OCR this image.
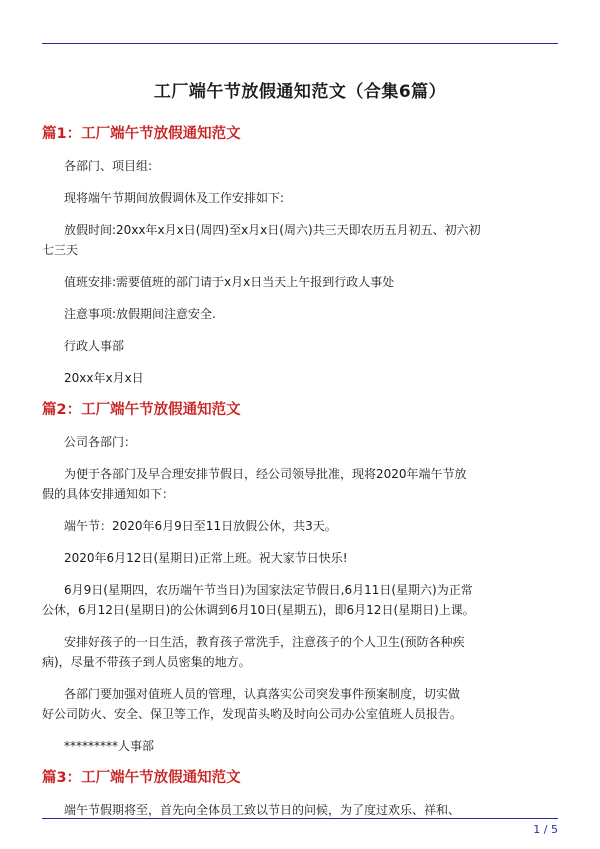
工厂端午节放假通知范文（合集6篇）
篇1：工厂端午节放假通知范文
各部门、项目组:
现将端午节期间放假调休及工作安排如下:
放假时间:20xx年x月x日(周四)至x月x日(周六)共三天即农历五月初五、初六初
七三天
值班安排:需要值班的部门请于x月x日当天上午报到行政人事处
注意事项:放假期间注意安全.
行政人事部
20xx年x月x日
篇2：工厂端午节放假通知范文
公司各部门：
为便于各部门及早合理安排节假日，经公司领导批准，现将2020年端午节放
假的具体安排通知如下：
端午节：2020年6月9日至11日放假公休，共3天。
2020年6月12日(星期日)正常上班。祝大家节日快乐!
6月9日(星期四，农历端午节当日)为国家法定节假日,6月11日(星期六)为正常
公休，6月12日(星期日)的公休调到6月10日(星期五)，即6月12日(星期日)上课。
安排好孩子的一日生活，教育孩子常洗手，注意孩子的个人卫生(预防各种疾
病)，尽量不带孩子到人员密集的地方。
各部门要加强对值班人员的管理，认真落实公司突发事件预案制度，切实做
好公司防火、安全、保卫等工作，发现苗头哟及时向公司办公室值班人员报告。
*********人事部
篇3：工厂端午节放假通知范文
端午节假期将至，首先向全体员工致以节日的问候，为了度过欢乐、祥和、
1 / 5
